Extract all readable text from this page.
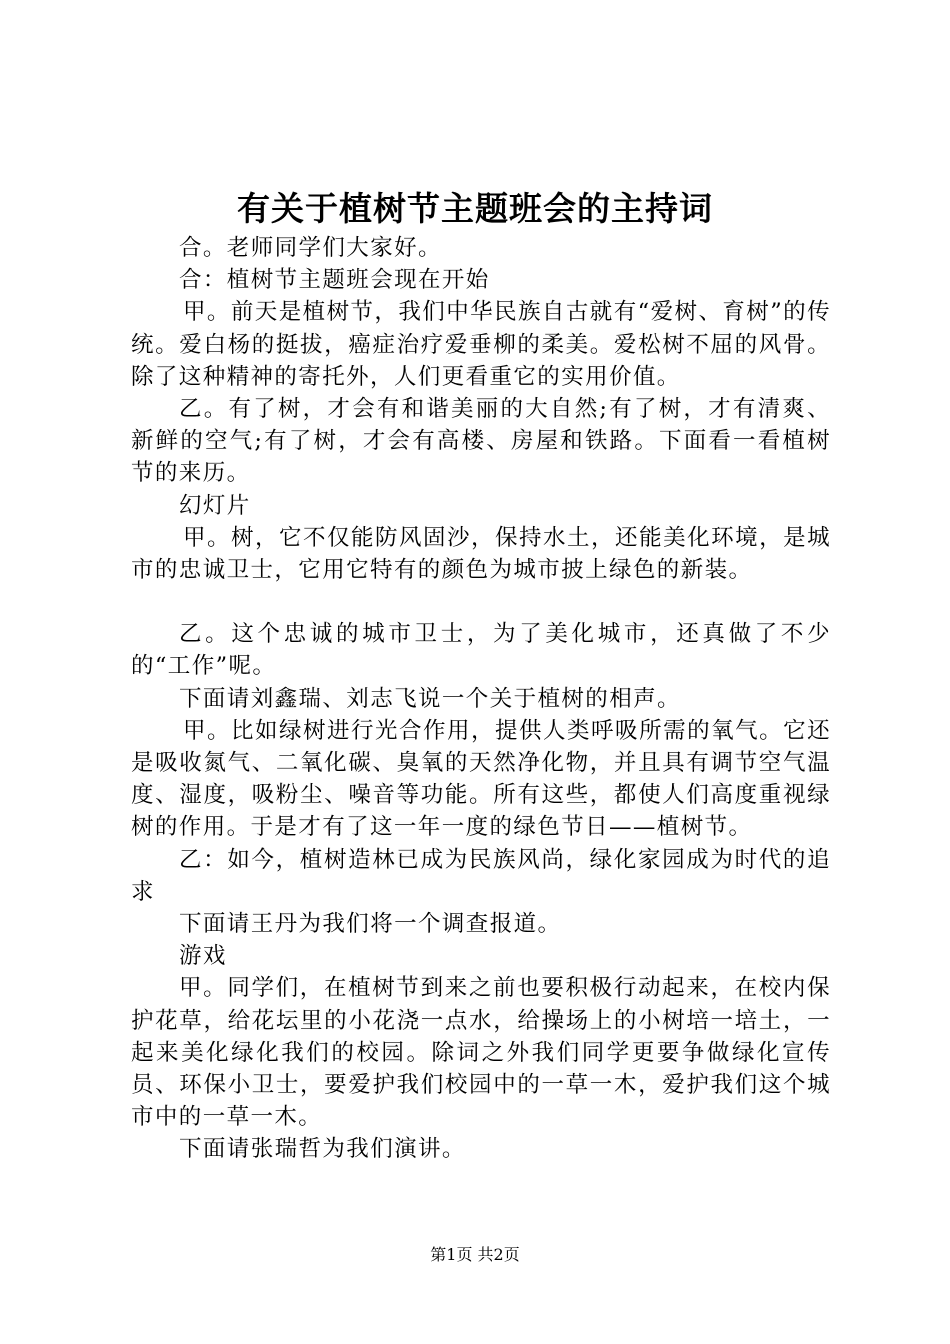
有关于植树节主题班会的主持词

合。老师同学们大家好。

合：植树节主题班会现在开始

甲。前天是植树节，我们中华民族自古就有“爱树、育树”的传统。爱白杨的挺拔，癌症治疗爱垂柳的柔美。爱松树不屈的风骨。除了这种精神的寄托外，人们更看重它的实用价值。

乙。有了树，才会有和谐美丽的大自然;有了树，才有清爽、新鲜的空气;有了树，才会有高楼、房屋和铁路。下面看一看植树节的来历。

幻灯片

甲。树，它不仅能防风固沙，保持水土，还能美化环境，是城市的忠诚卫士，它用它特有的颜色为城市披上绿色的新装。

乙。这个忠诚的城市卫士，为了美化城市，还真做了不少的“工作”呢。

下面请刘鑫瑞、刘志飞说一个关于植树的相声。

甲。比如绿树进行光合作用，提供人类呼吸所需的氧气。它还是吸收氮气、二氧化碳、臭氧的天然净化物，并且具有调节空气温度、湿度，吸粉尘、噪音等功能。所有这些，都使人们高度重视绿树的作用。于是才有了这一年一度的绿色节日——植树节。

乙：如今，植树造林已成为民族风尚，绿化家园成为时代的追求

下面请王丹为我们将一个调查报道。

游戏

甲。同学们，在植树节到来之前也要积极行动起来，在校内保护花草，给花坛里的小花浇一点水，给操场上的小树培一培土，一起来美化绿化我们的校园。除词之外我们同学更要争做绿化宣传员、环保小卫士，要爱护我们校园中的一草一木，爱护我们这个城市中的一草一木。

下面请张瑞哲为我们演讲。

第1页 共2页
